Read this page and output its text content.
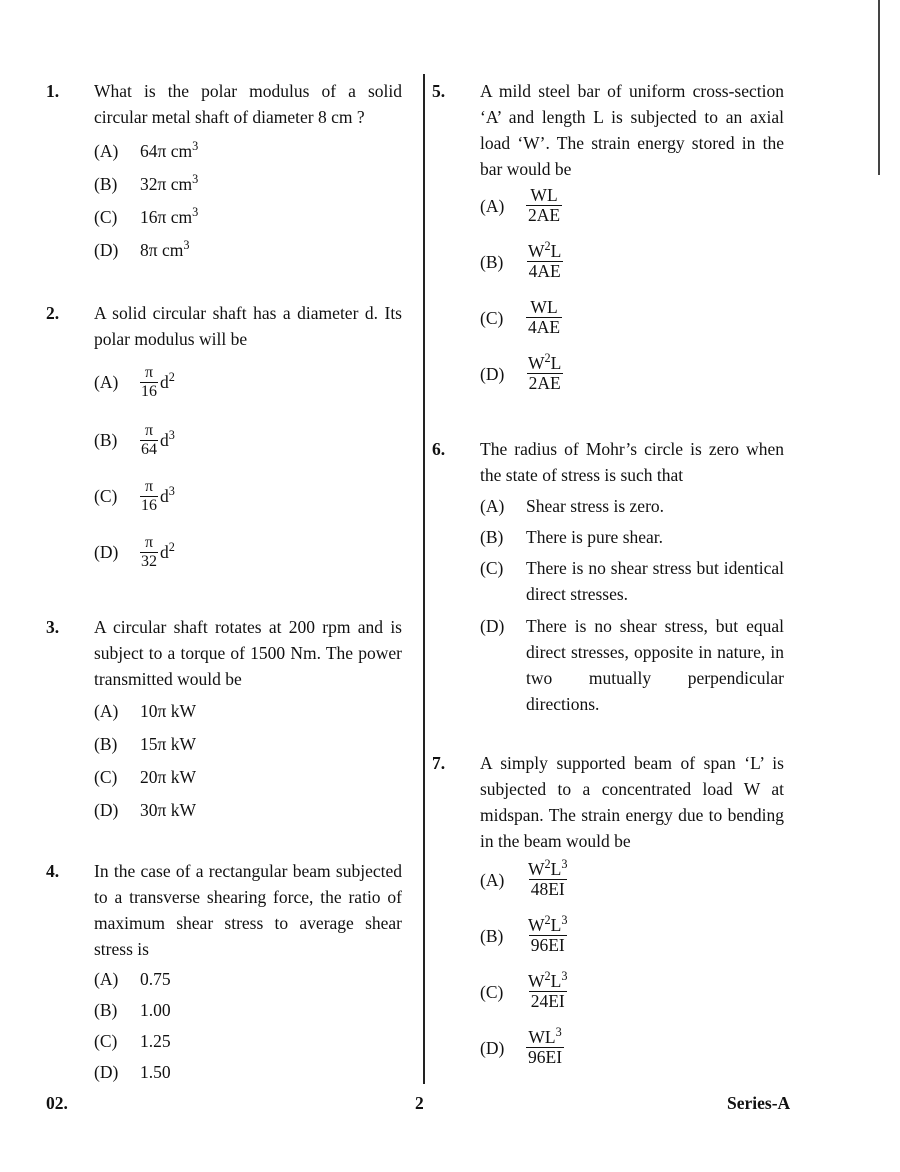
1.	What is the polar modulus of a solid circular metal shaft of diameter 8 cm ?
(A)	64π $cm^3$
(B)	32π $cm^3$
(C)	16π $cm^3$
(D)	8π $cm^3$
2.	A solid circular shaft has a diameter d. Its polar modulus will be
(A)	$\frac{\pi}{16} d^2$
(B)	$\frac{\pi}{64} d^3$
(C)	$\frac{\pi}{16} d^3$
(D)	$\frac{\pi}{32} d^2$
3.	A circular shaft rotates at 200 rpm and is subject to a torque of 1500 Nm. The power transmitted would be
(A)	10π kW
(B)	15π kW
(C)	20π kW
(D)	30π kW
4.	In the case of a rectangular beam subjected to a transverse shearing force, the ratio of maximum shear stress to average shear stress is
(A)	0.75
(B)	1.00
(C)	1.25
(D)	1.50
5.	A mild steel bar of uniform cross-section ‘A’ and length L is subjected to an axial load ‘W’. The strain energy stored in the bar would be
(A)	$\frac{WL}{2AE}$
(B)	$\frac{W^2L}{4AE}$
(C)	$\frac{WL}{4AE}$
(D)	$\frac{W^2L}{2AE}$
6.	The radius of Mohr’s circle is zero when the state of stress is such that
(A)	Shear stress is zero.
(B)	There is pure shear.
(C)	There is no shear stress but identical direct stresses.
(D)	There is no shear stress, but equal direct stresses, opposite in nature, in two mutually perpendicular directions.
7.	A simply supported beam of span ‘L’ is subjected to a concentrated load W at midspan. The strain energy due to bending in the beam would be
(A)	$\frac{W^2L^3}{48EI}$
(B)	$\frac{W^2L^3}{96EI}$
(C)	$\frac{W^2L^3}{24EI}$
(D)	$\frac{WL^3}{96EI}$
02.	2	Series-A
